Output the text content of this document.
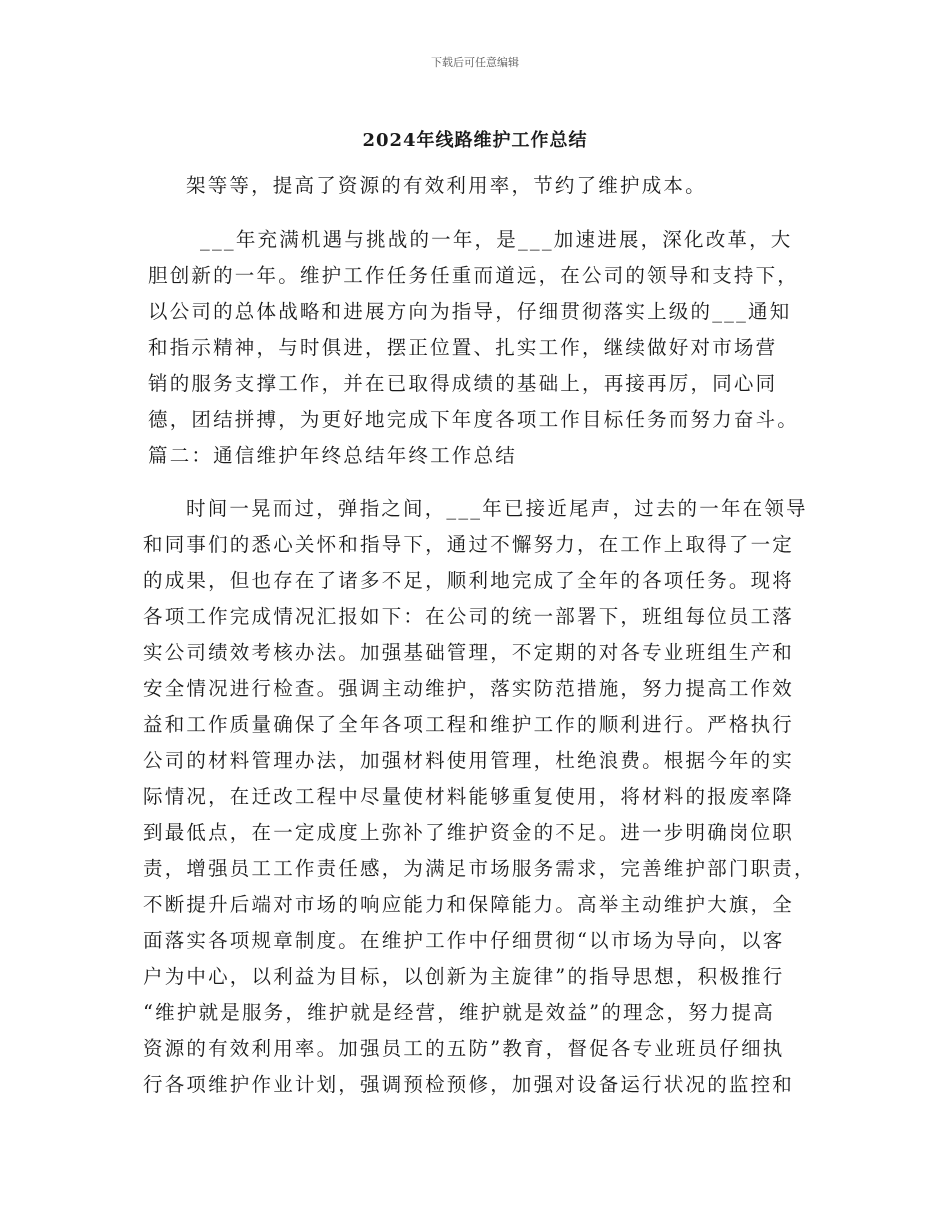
下载后可任意编辑
2024年线路维护工作总结
架等等，提高了资源的有效利用率，节约了维护成本。
___年充满机遇与挑战的一年，是___加速进展，深化改革，大
胆创新的一年。维护工作任务任重而道远，在公司的领导和支持下，
以公司的总体战略和进展方向为指导，仔细贯彻落实上级的___通知
和指示精神，与时俱进，摆正位置、扎实工作，继续做好对市场营
销的服务支撑工作，并在已取得成绩的基础上，再接再厉，同心同
德，团结拼搏，为更好地完成下年度各项工作目标任务而努力奋斗。
篇二：通信维护年终总结年终工作总结
时间一晃而过，弹指之间，___年已接近尾声，过去的一年在领导
和同事们的悉心关怀和指导下，通过不懈努力，在工作上取得了一定
的成果，但也存在了诸多不足，顺利地完成了全年的各项任务。现将
各项工作完成情况汇报如下：在公司的统一部署下，班组每位员工落
实公司绩效考核办法。加强基础管理，不定期的对各专业班组生产和
安全情况进行检查。强调主动维护，落实防范措施，努力提高工作效
益和工作质量确保了全年各项工程和维护工作的顺利进行。严格执行
公司的材料管理办法，加强材料使用管理，杜绝浪费。根据今年的实
际情况，在迁改工程中尽量使材料能够重复使用，将材料的报废率降
到最低点，在一定成度上弥补了维护资金的不足。进一步明确岗位职
责，增强员工工作责任感，为满足市场服务需求，完善维护部门职责，
不断提升后端对市场的响应能力和保障能力。高举主动维护大旗，全
面落实各项规章制度。在维护工作中仔细贯彻“以市场为导向，以客
户为中心，以利益为目标，以创新为主旋律”的指导思想，积极推行
“维护就是服务，维护就是经营，维护就是效益”的理念，努力提高
资源的有效利用率。加强员工的五防”教育，督促各专业班员仔细执
行各项维护作业计划，强调预检预修，加强对设备运行状况的监控和
